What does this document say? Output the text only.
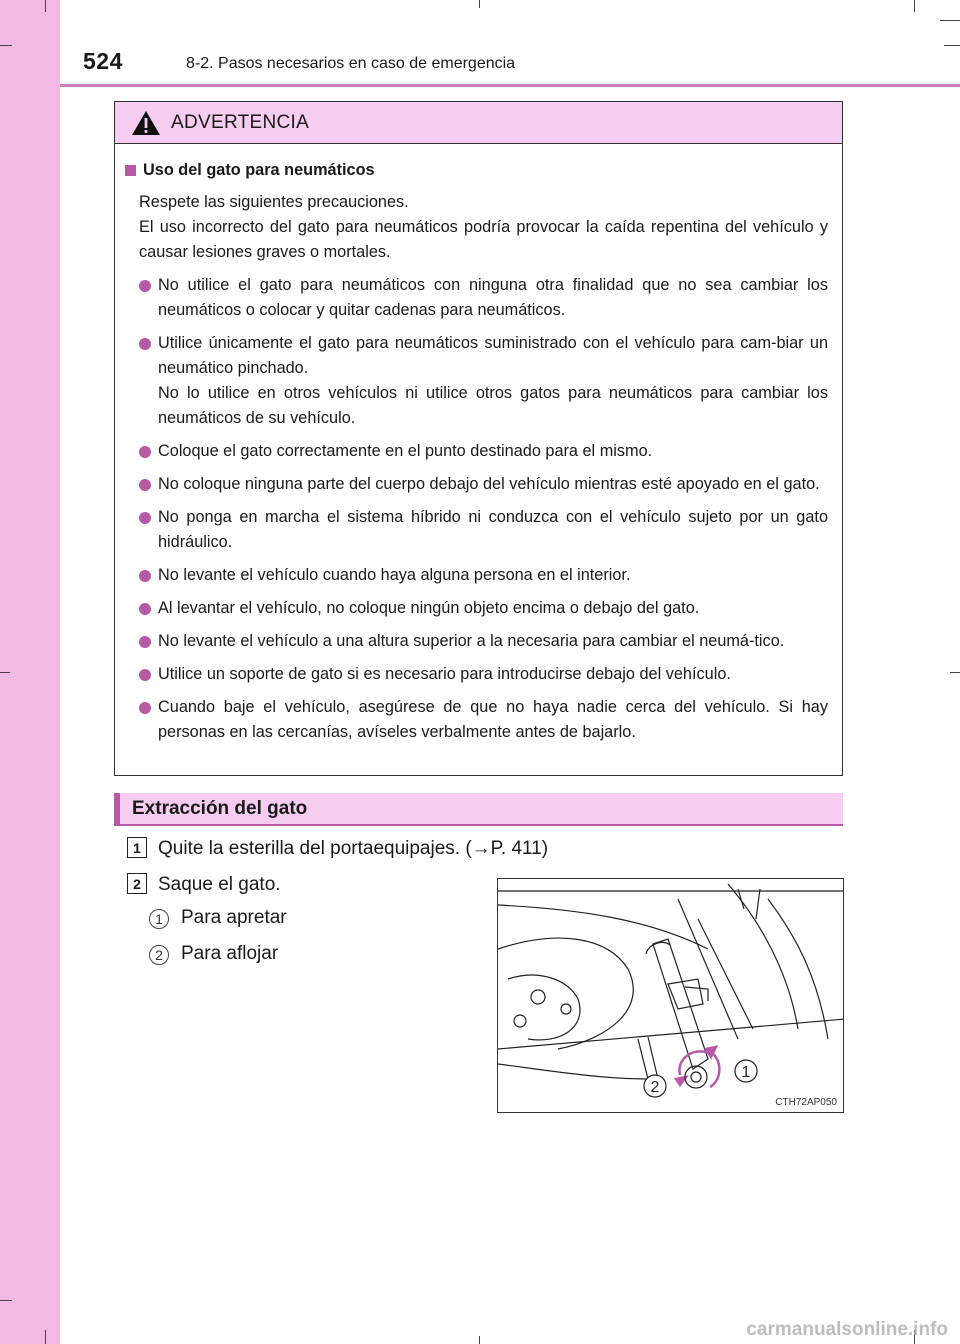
524	8-2. Pasos necesarios en caso de emergencia
ADVERTENCIA
Uso del gato para neumáticos
Respete las siguientes precauciones.
El uso incorrecto del gato para neumáticos podría provocar la caída repentina del vehículo y causar lesiones graves o mortales.
No utilice el gato para neumáticos con ninguna otra finalidad que no sea cambiar los neumáticos o colocar y quitar cadenas para neumáticos.
Utilice únicamente el gato para neumáticos suministrado con el vehículo para cam-biar un neumático pinchado.
No lo utilice en otros vehículos ni utilice otros gatos para neumáticos para cambiar los neumáticos de su vehículo.
Coloque el gato correctamente en el punto destinado para el mismo.
No coloque ninguna parte del cuerpo debajo del vehículo mientras esté apoyado en el gato.
No ponga en marcha el sistema híbrido ni conduzca con el vehículo sujeto por un gato hidráulico.
No levante el vehículo cuando haya alguna persona en el interior.
Al levantar el vehículo, no coloque ningún objeto encima o debajo del gato.
No levante el vehículo a una altura superior a la necesaria para cambiar el neumá-tico.
Utilice un soporte de gato si es necesario para introducirse debajo del vehículo.
Cuando baje el vehículo, asegúrese de que no haya nadie cerca del vehículo. Si hay personas en las cercanías, avíseles verbalmente antes de bajarlo.
Extracción del gato
1 Quite la esterilla del portaequipajes. (→P. 411)
2 Saque el gato.
1 Para apretar
2 Para aflojar
1
2
CTH72AP050
carmanualsonline.info
